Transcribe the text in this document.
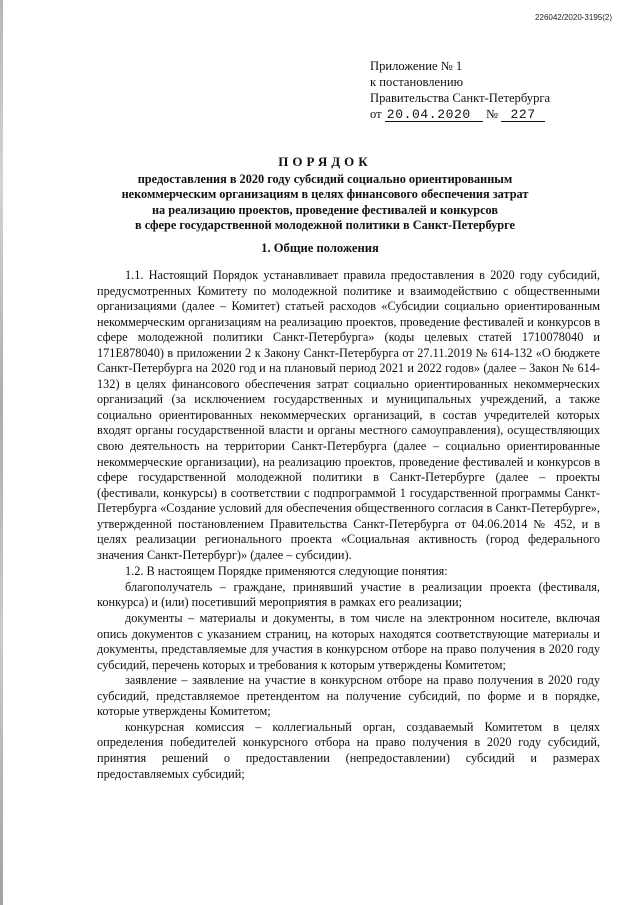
226042/2020-3195(2)
Приложение № 1
к постановлению
Правительства Санкт-Петербурга
от 20.04.2020 № 227
ПОРЯДОК
предоставления в 2020 году субсидий социально ориентированным
некоммерческим организациям в целях финансового обеспечения затрат
на реализацию проектов, проведение фестивалей и конкурсов
в сфере государственной молодежной политики в Санкт-Петербурге
1. Общие положения

1.1. Настоящий Порядок устанавливает правила предоставления в 2020 году субсидий, предусмотренных Комитету по молодежной политике и взаимодействию с общественными организациями (далее – Комитет) статьей расходов «Субсидии социально ориентированным некоммерческим организациям на реализацию проектов, проведение фестивалей и конкурсов в сфере молодежной политики Санкт-Петербурга» (коды целевых статей 1710078040 и 171Е878040) в приложении 2 к Закону Санкт-Петербурга от 27.11.2019 № 614-132 «О бюджете Санкт-Петербурга на 2020 год и на плановый период 2021 и 2022 годов» (далее – Закон № 614-132) в целях финансового обеспечения затрат социально ориентированных некоммерческих организаций (за исключением государственных и муниципальных учреждений, а также социально ориентированных некоммерческих организаций, в состав учредителей которых входят органы государственной власти и органы местного самоуправления), осуществляющих свою деятельность на территории Санкт-Петербурга (далее – социально ориентированные некоммерческие организации), на реализацию проектов, проведение фестивалей и конкурсов в сфере государственной молодежной политики в Санкт-Петербурге (далее – проекты (фестивали, конкурсы) в соответствии с подпрограммой 1 государственной программы Санкт-Петербурга «Создание условий для обеспечения общественного согласия в Санкт-Петербурге», утвержденной постановлением Правительства Санкт-Петербурга от 04.06.2014 № 452, и в целях реализации регионального проекта «Социальная активность (город федерального значения Санкт-Петербург)» (далее – субсидии).

1.2. В настоящем Порядке применяются следующие понятия:

благополучатель – граждане, принявший участие в реализации проекта (фестиваля, конкурса) и (или) посетивший мероприятия в рамках его реализации;

документы – материалы и документы, в том числе на электронном носителе, включая опись документов с указанием страниц, на которых находятся соответствующие материалы и документы, представляемые для участия в конкурсном отборе на право получения в 2020 году субсидий, перечень которых и требования к которым утверждены Комитетом;

заявление – заявление на участие в конкурсном отборе на право получения в 2020 году субсидий, представляемое претендентом на получение субсидий, по форме и в порядке, которые утверждены Комитетом;

конкурсная комиссия – коллегиальный орган, создаваемый Комитетом в целях определения победителей конкурсного отбора на право получения в 2020 году субсидий, принятия решений о предоставлении (непредоставлении) субсидий и размерах предоставляемых субсидий;
